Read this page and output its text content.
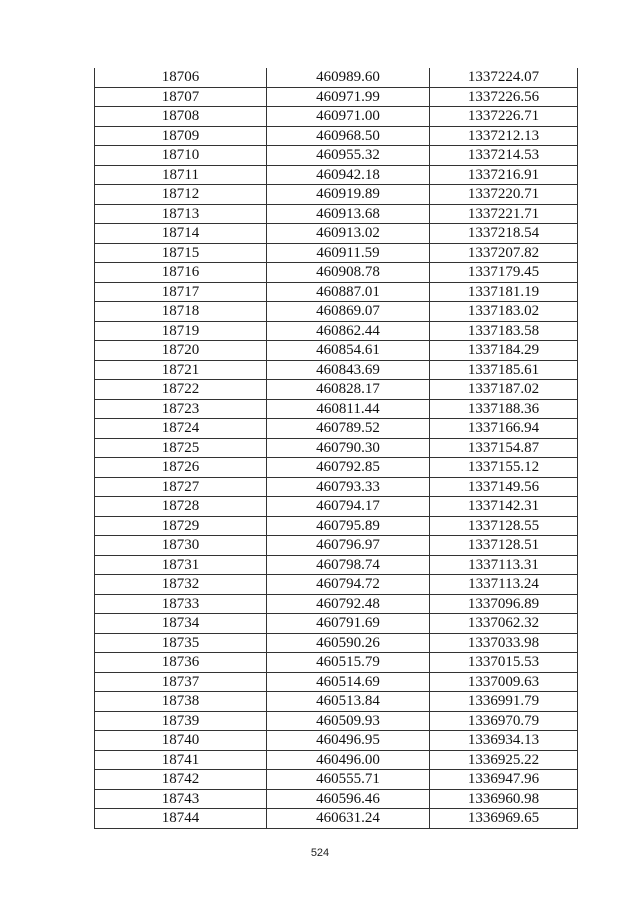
18706	460989.60	1337224.07
18707	460971.99	1337226.56
18708	460971.00	1337226.71
18709	460968.50	1337212.13
18710	460955.32	1337214.53
18711	460942.18	1337216.91
18712	460919.89	1337220.71
18713	460913.68	1337221.71
18714	460913.02	1337218.54
18715	460911.59	1337207.82
18716	460908.78	1337179.45
18717	460887.01	1337181.19
18718	460869.07	1337183.02
18719	460862.44	1337183.58
18720	460854.61	1337184.29
18721	460843.69	1337185.61
18722	460828.17	1337187.02
18723	460811.44	1337188.36
18724	460789.52	1337166.94
18725	460790.30	1337154.87
18726	460792.85	1337155.12
18727	460793.33	1337149.56
18728	460794.17	1337142.31
18729	460795.89	1337128.55
18730	460796.97	1337128.51
18731	460798.74	1337113.31
18732	460794.72	1337113.24
18733	460792.48	1337096.89
18734	460791.69	1337062.32
18735	460590.26	1337033.98
18736	460515.79	1337015.53
18737	460514.69	1337009.63
18738	460513.84	1336991.79
18739	460509.93	1336970.79
18740	460496.95	1336934.13
18741	460496.00	1336925.22
18742	460555.71	1336947.96
18743	460596.46	1336960.98
18744	460631.24	1336969.65
524
